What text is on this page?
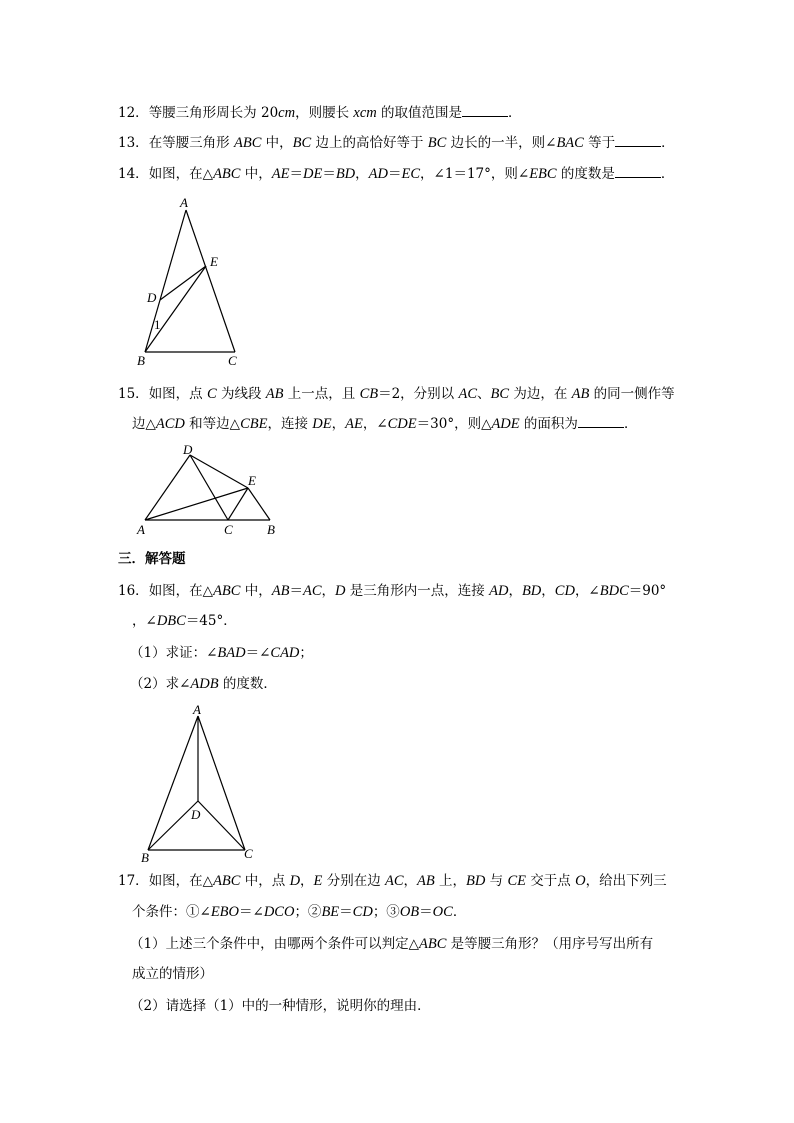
12．等腰三角形周长为 20cm，则腰长 xcm 的取值范围是	．
13．在等腰三角形 ABC 中，BC 边上的高恰好等于 BC 边长的一半，则∠BAC 等于	．
14．如图，在△ABC 中，AE＝DE＝BD，AD＝EC，∠1＝17°，则∠EBC 的度数是	．
A
E
D
1
B	C
15．如图，点 C 为线段 AB 上一点，且 CB＝2，分别以 AC、BC 为边，在 AB 的同一侧作等
边△ACD 和等边△CBE，连接 DE，AE，∠CDE＝30°，则△ADE 的面积为	．
D
E
A	C	B
三．解答题
16．如图，在△ABC 中，AB＝AC，D 是三角形内一点，连接 AD，BD，CD，∠BDC＝90°
，∠DBC＝45°．
（1）求证：∠BAD＝∠CAD；
（2）求∠ADB 的度数．
A
D
B	C
17．如图，在△ABC 中，点 D，E 分别在边 AC，AB 上，BD 与 CE 交于点 O，给出下列三
个条件：①∠EBO＝∠DCO；②BE＝CD；③OB＝OC．
（1）上述三个条件中，由哪两个条件可以判定△ABC 是等腰三角形？（用序号写出所有
成立的情形）
（2）请选择（1）中的一种情形，说明你的理由．
